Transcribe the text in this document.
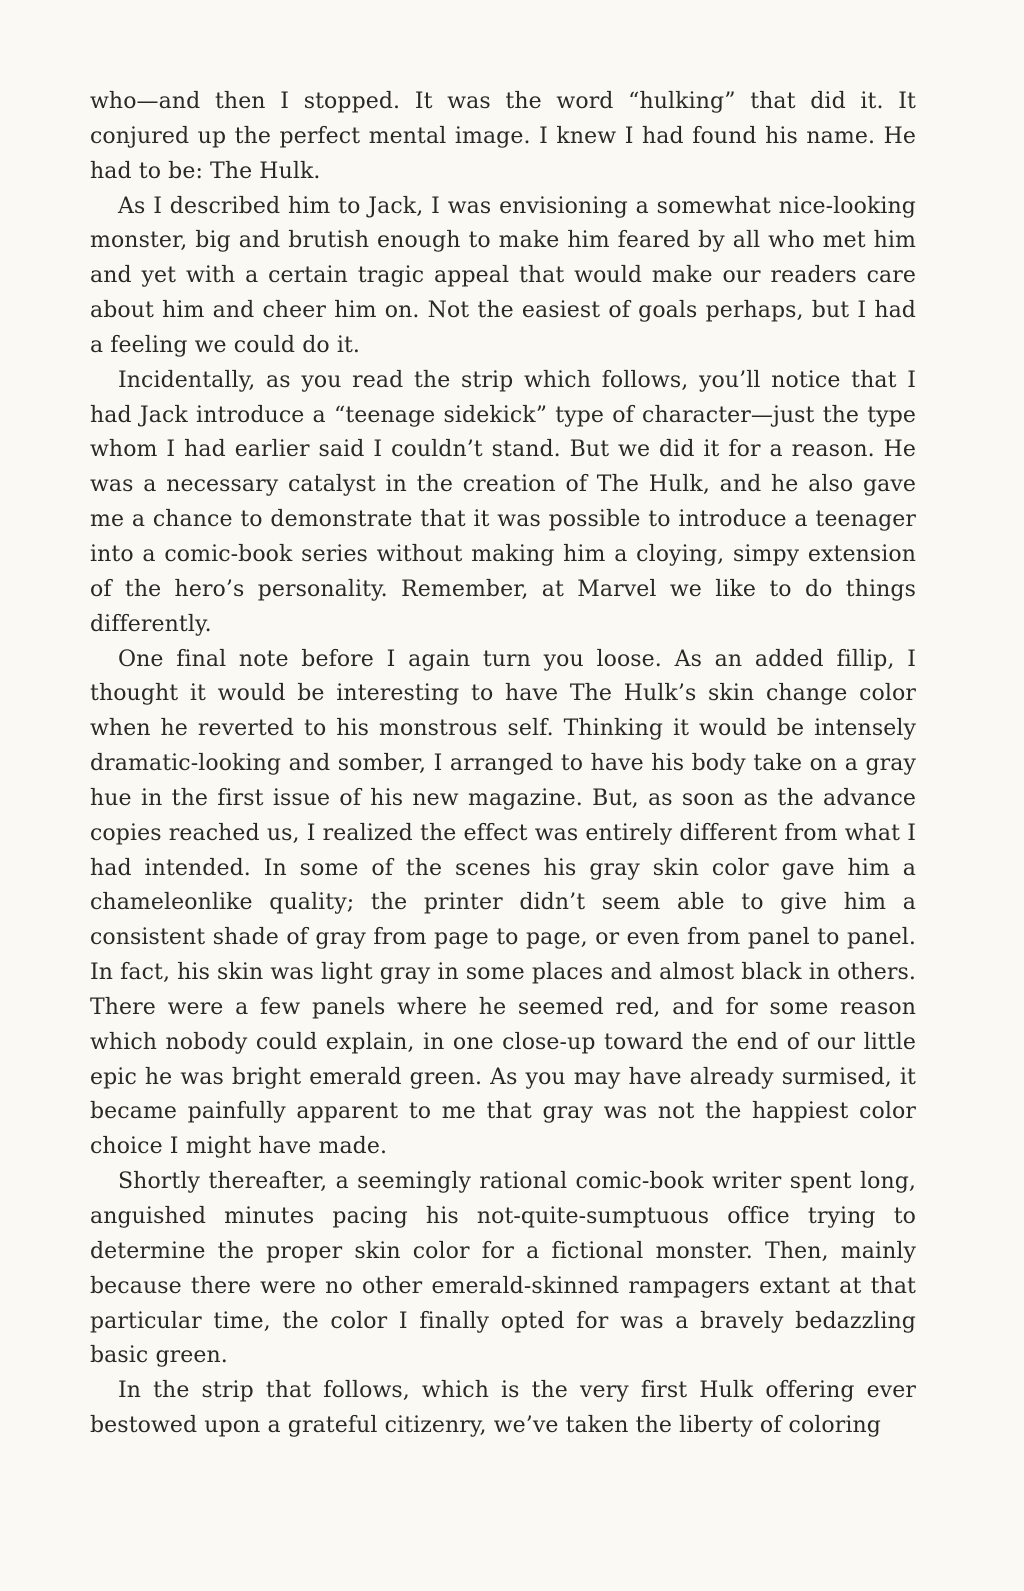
who—and then I stopped. It was the word “hulking” that did it. It conjured up the perfect mental image. I knew I had found his name. He had to be: The Hulk.

As I described him to Jack, I was envisioning a somewhat nice-looking monster, big and brutish enough to make him feared by all who met him and yet with a certain tragic appeal that would make our readers care about him and cheer him on. Not the easiest of goals perhaps, but I had a feeling we could do it.

Incidentally, as you read the strip which follows, you’ll notice that I had Jack introduce a “teenage sidekick” type of character—just the type whom I had earlier said I couldn’t stand. But we did it for a reason. He was a necessary catalyst in the creation of The Hulk, and he also gave me a chance to demonstrate that it was possible to introduce a teenager into a comic-book series without making him a cloying, simpy extension of the hero’s personality. Remember, at Marvel we like to do things differently.

One final note before I again turn you loose. As an added fillip, I thought it would be interesting to have The Hulk’s skin change color when he reverted to his monstrous self. Thinking it would be intensely dramatic-looking and somber, I arranged to have his body take on a gray hue in the first issue of his new magazine. But, as soon as the advance copies reached us, I realized the effect was entirely different from what I had intended. In some of the scenes his gray skin color gave him a chameleonlike quality; the printer didn’t seem able to give him a consistent shade of gray from page to page, or even from panel to panel. In fact, his skin was light gray in some places and almost black in others. There were a few panels where he seemed red, and for some reason which nobody could explain, in one close-up toward the end of our little epic he was bright emerald green. As you may have already surmised, it became painfully apparent to me that gray was not the happiest color choice I might have made.

Shortly thereafter, a seemingly rational comic-book writer spent long, anguished minutes pacing his not-quite-sumptuous office trying to determine the proper skin color for a fictional monster. Then, mainly because there were no other emerald-skinned rampagers extant at that particular time, the color I finally opted for was a bravely bedazzling basic green.

In the strip that follows, which is the very first Hulk offering ever bestowed upon a grateful citizenry, we’ve taken the liberty of coloring
